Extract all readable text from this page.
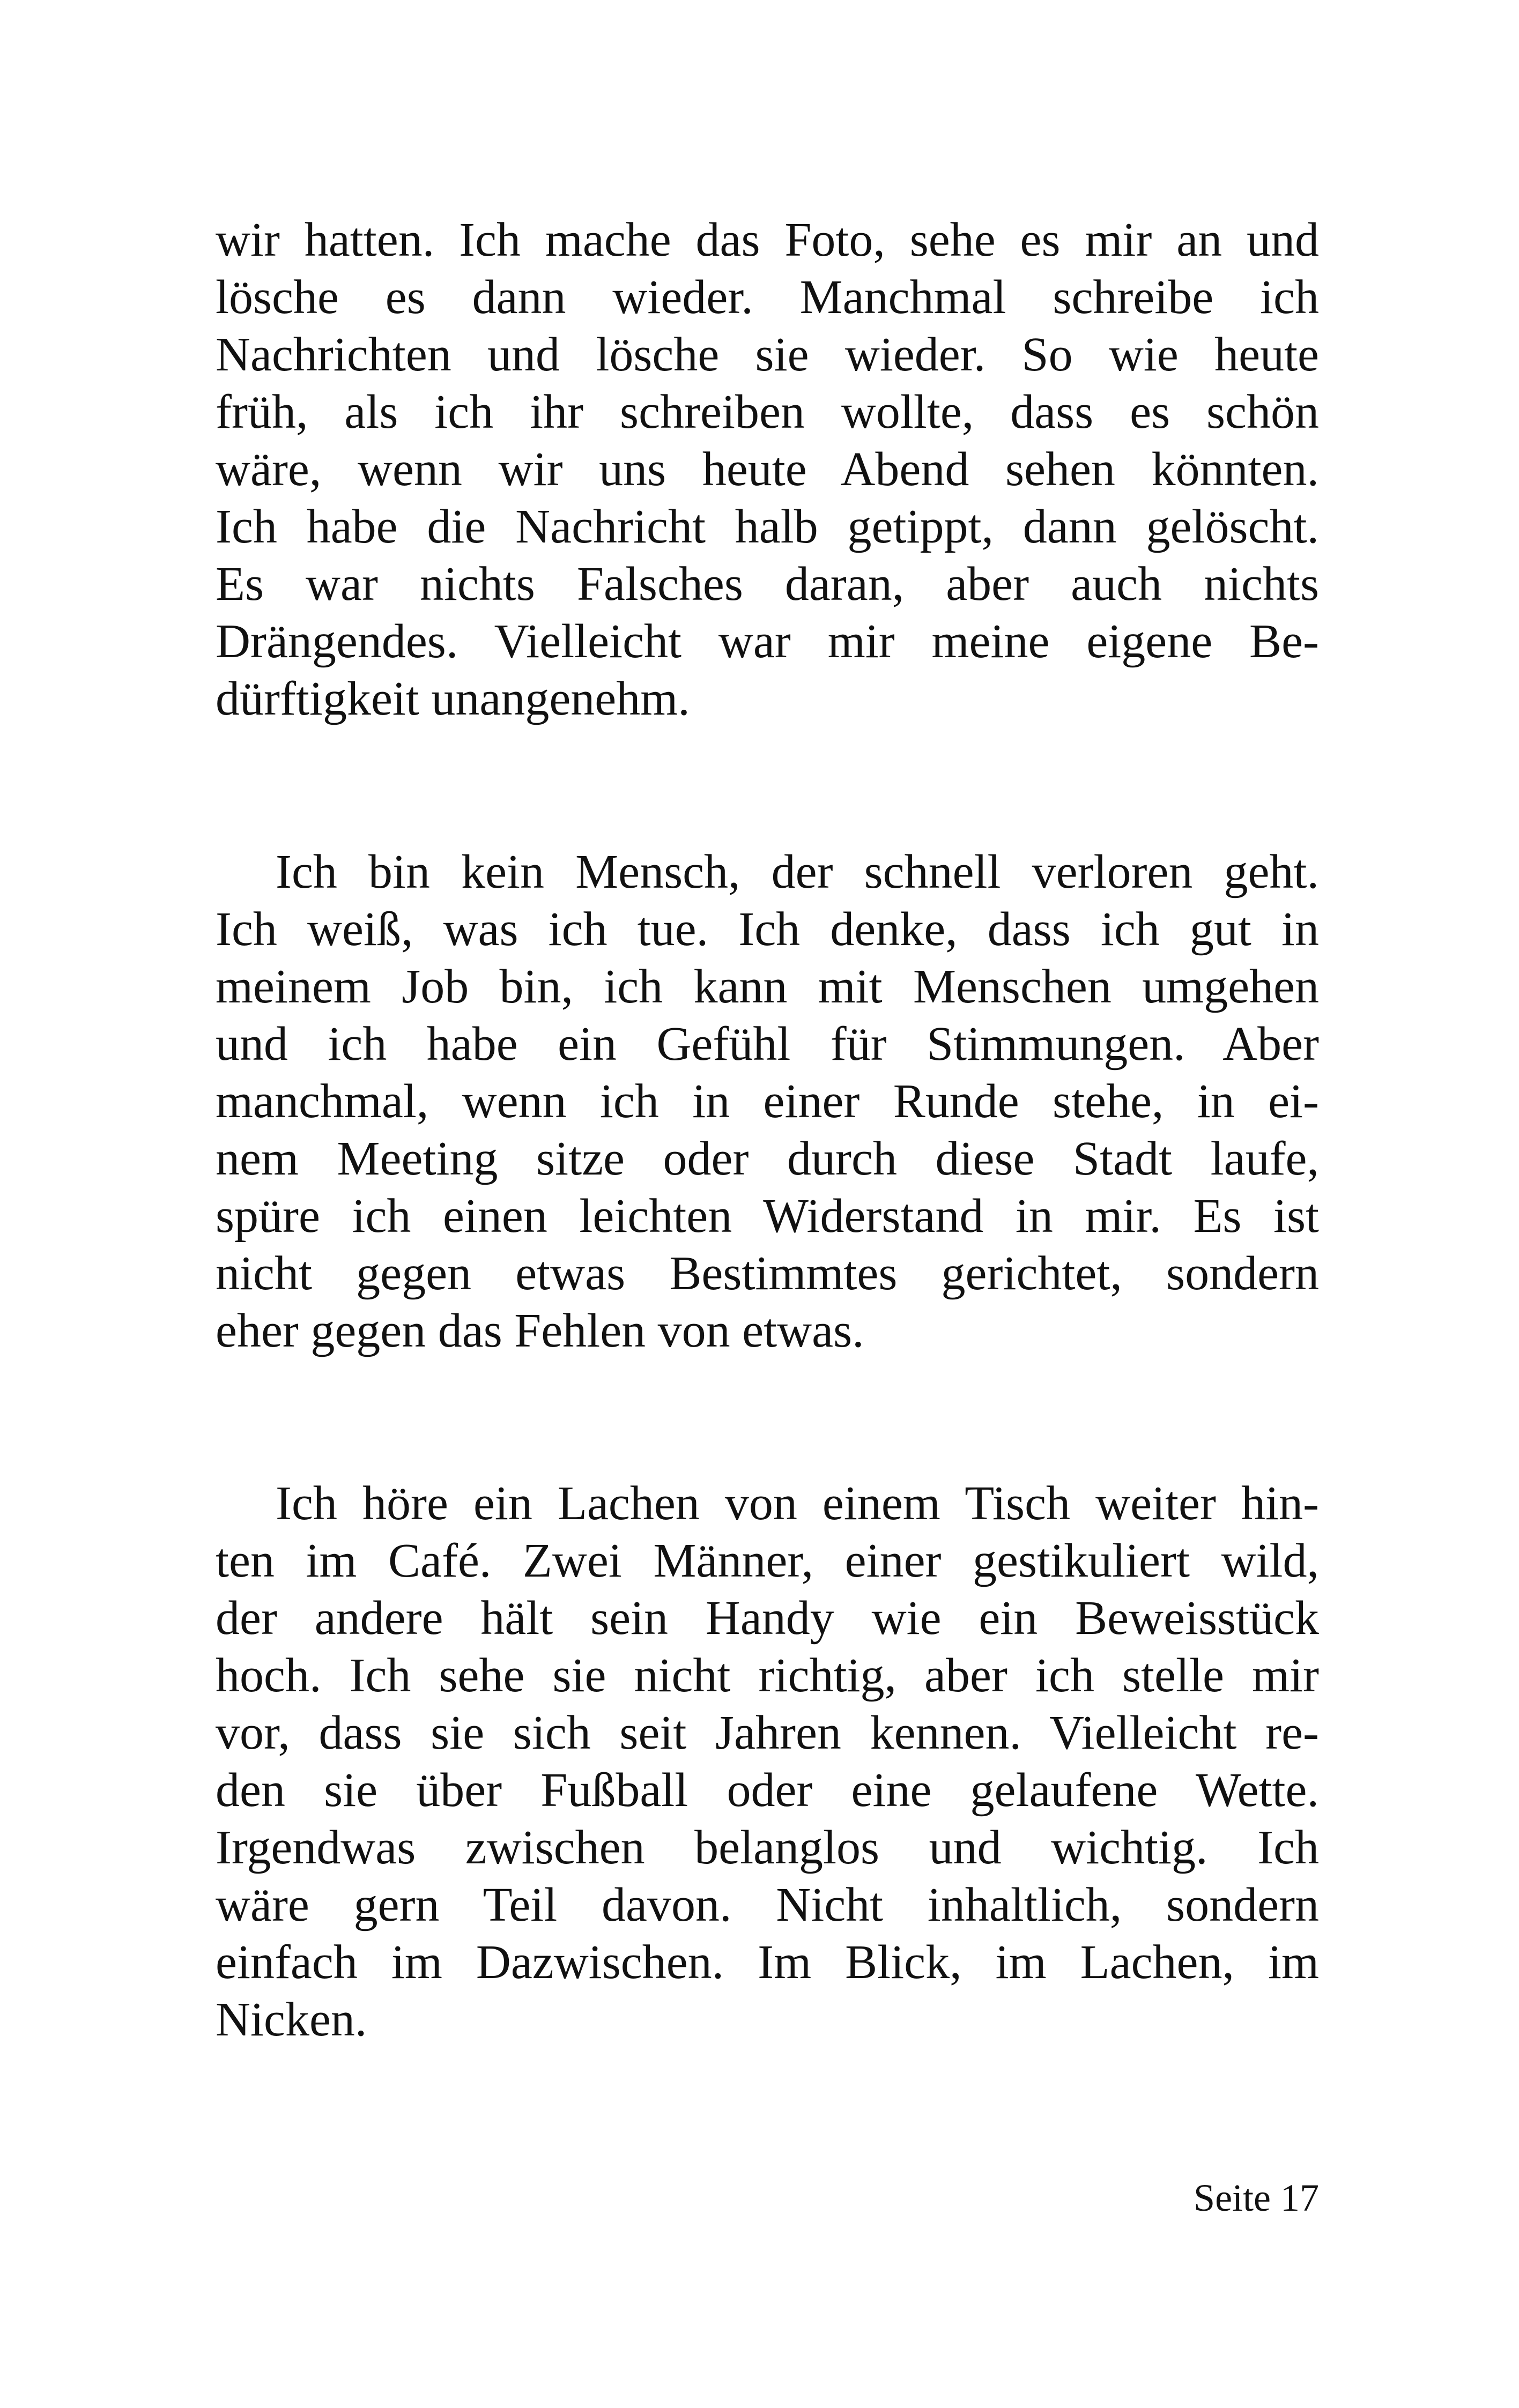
wir hatten. Ich mache das Foto, sehe es mir an und
lösche es dann wieder. Manchmal schreibe ich
Nachrichten und lösche sie wieder. So wie heute
früh, als ich ihr schreiben wollte, dass es schön
wäre, wenn wir uns heute Abend sehen könnten.
Ich habe die Nachricht halb getippt, dann gelöscht.
Es war nichts Falsches daran, aber auch nichts
Drängendes. Vielleicht war mir meine eigene Be-
dürftigkeit unangenehm.
Ich bin kein Mensch, der schnell verloren geht.
Ich weiß, was ich tue. Ich denke, dass ich gut in
meinem Job bin, ich kann mit Menschen umgehen
und ich habe ein Gefühl für Stimmungen. Aber
manchmal, wenn ich in einer Runde stehe, in ei-
nem Meeting sitze oder durch diese Stadt laufe,
spüre ich einen leichten Widerstand in mir. Es ist
nicht gegen etwas Bestimmtes gerichtet, sondern
eher gegen das Fehlen von etwas.
Ich höre ein Lachen von einem Tisch weiter hin-
ten im Café. Zwei Männer, einer gestikuliert wild,
der andere hält sein Handy wie ein Beweisstück
hoch. Ich sehe sie nicht richtig, aber ich stelle mir
vor, dass sie sich seit Jahren kennen. Vielleicht re-
den sie über Fußball oder eine gelaufene Wette.
Irgendwas zwischen belanglos und wichtig. Ich
wäre gern Teil davon. Nicht inhaltlich, sondern
einfach im Dazwischen. Im Blick, im Lachen, im
Nicken.
Seite 17
